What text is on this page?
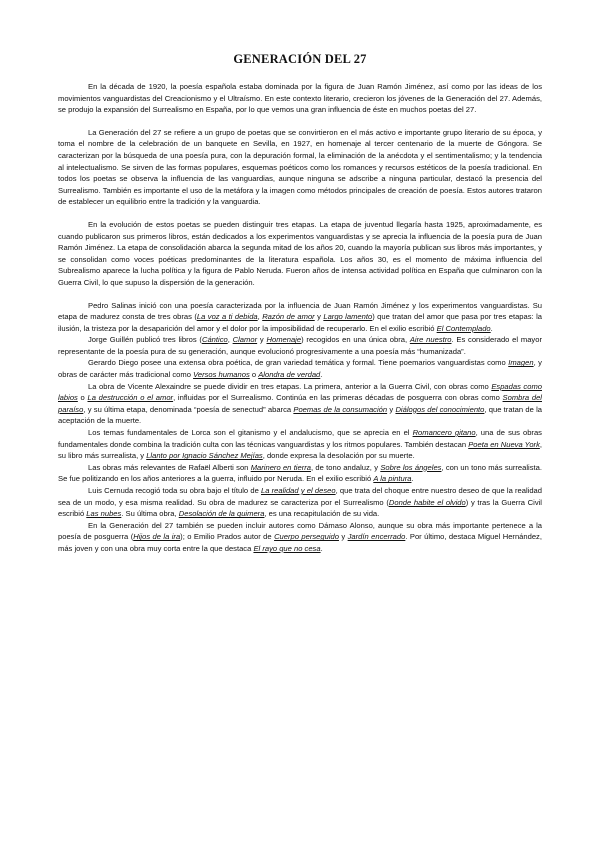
GENERACIÓN DEL 27

En la década de 1920, la poesía española estaba dominada por la figura de Juan Ramón Jiménez, así como por las ideas de los movimientos vanguardistas del Creacionismo y el Ultraísmo. En este contexto literario, crecieron los jóvenes de la Generación del 27. Además, se produjo la expansión del Surrealismo en España, por lo que vemos una gran influencia de éste en muchos poetas del 27.

La Generación del 27 se refiere a un grupo de poetas que se convirtieron en el más activo e importante grupo literario de su época, y toma el nombre de la celebración de un banquete en Sevilla, en 1927, en homenaje al tercer centenario de la muerte de Góngora. Se caracterizan por la búsqueda de una poesía pura, con la depuración formal, la eliminación de la anécdota y el sentimentalismo; y la tendencia al intelectualismo. Se sirven de las formas populares, esquemas poéticos como los romances y recursos estéticos de la poesía tradicional. En todos los poetas se observa la influencia de las vanguardias, aunque ninguna se adscribe a ninguna particular, destacó la presencia del Surrealismo. También es importante el uso de la metáfora y la imagen como métodos principales de creación de poesía. Estos autores trataron de establecer un equilibrio entre la tradición y la vanguardia.

En la evolución de estos poetas se pueden distinguir tres etapas. La etapa de juventud llegaría hasta 1925, aproximadamente, es cuando publicaron sus primeros libros, están dedicados a los experimentos vanguardistas y se aprecia la influencia de la poesía pura de Juan Ramón Jiménez. La etapa de consolidación abarca la segunda mitad de los años 20, cuando la mayoría publican sus libros más importantes, y se consolidan como voces poéticas predominantes de la literatura española. Los años 30, es el momento de máxima influencia del Subrealismo aparece la lucha política y la figura de Pablo Neruda. Fueron años de intensa actividad política en España que culminaron con la Guerra Civil, lo que supuso la dispersión de la generación.

Pedro Salinas inició con una poesía caracterizada por la influencia de Juan Ramón Jiménez y los experimentos vanguardistas. Su etapa de madurez consta de tres obras (La voz a ti debida, Razón de amor y Largo lamento) que tratan del amor que pasa por tres etapas: la ilusión, la tristeza por la desaparición del amor y el dolor por la imposibilidad de recuperarlo. En el exilio escribió El Contemplado.

Jorge Guillén publicó tres libros (Cántico, Clamor y Homenaje) recogidos en una única obra, Aire nuestro. Es considerado el mayor representante de la poesía pura de su generación, aunque evolucionó progresivamente a una poesía más “humanizada”.

Gerardo Diego posee una extensa obra poética, de gran variedad temática y formal. Tiene poemarios vanguardistas como Imagen, y obras de carácter más tradicional como Versos humanos o Alondra de verdad.

La obra de Vicente Alexaindre se puede dividir en tres etapas. La primera, anterior a la Guerra Civil, con obras como Espadas como labios o La destrucción o el amor, influidas por el Surrealismo. Continúa en las primeras décadas de posguerra con obras como Sombra del paraíso, y su última etapa, denominada “poesía de senectud” abarca Poemas de la consumación y Diálogos del conocimiento, que tratan de la aceptación de la muerte.

Los temas fundamentales de Lorca son el gitanismo y el andalucismo, que se aprecia en el Romancero gitano, una de sus obras fundamentales donde combina la tradición culta con las técnicas vanguardistas y los ritmos populares. También destacan Poeta en Nueva York, su libro más surrealista, y Llanto por Ignacio Sánchez Mejías, donde expresa la desolación por su muerte.

Las obras más relevantes de Rafaël Alberti son Marinero en tierra, de tono andaluz, y Sobre los ángeles, con un tono más surrealista. Se fue politizando en los años anteriores a la guerra, influido por Neruda. En el exilio escribió A la pintura.

Luis Cernuda recogió toda su obra bajo el título de La realidad y el deseo, que trata del choque entre nuestro deseo de que la realidad sea de un modo, y esa misma realidad. Su obra de madurez se caracteriza por el Surrealismo (Donde habite el olvido) y tras la Guerra Civil escribió Las nubes. Su última obra, Desolación de la quimera, es una recapitulación de su vida.

En la Generación del 27 también se pueden incluir autores como Dámaso Alonso, aunque su obra más importante pertenece a la poesía de posguerra (Hijos de la ira); o Emilio Prados autor de Cuerpo perseguido y Jardín encerrado. Por último, destaca Miguel Hernández, más joven y con una obra muy corta entre la que destaca El rayo que no cesa.
